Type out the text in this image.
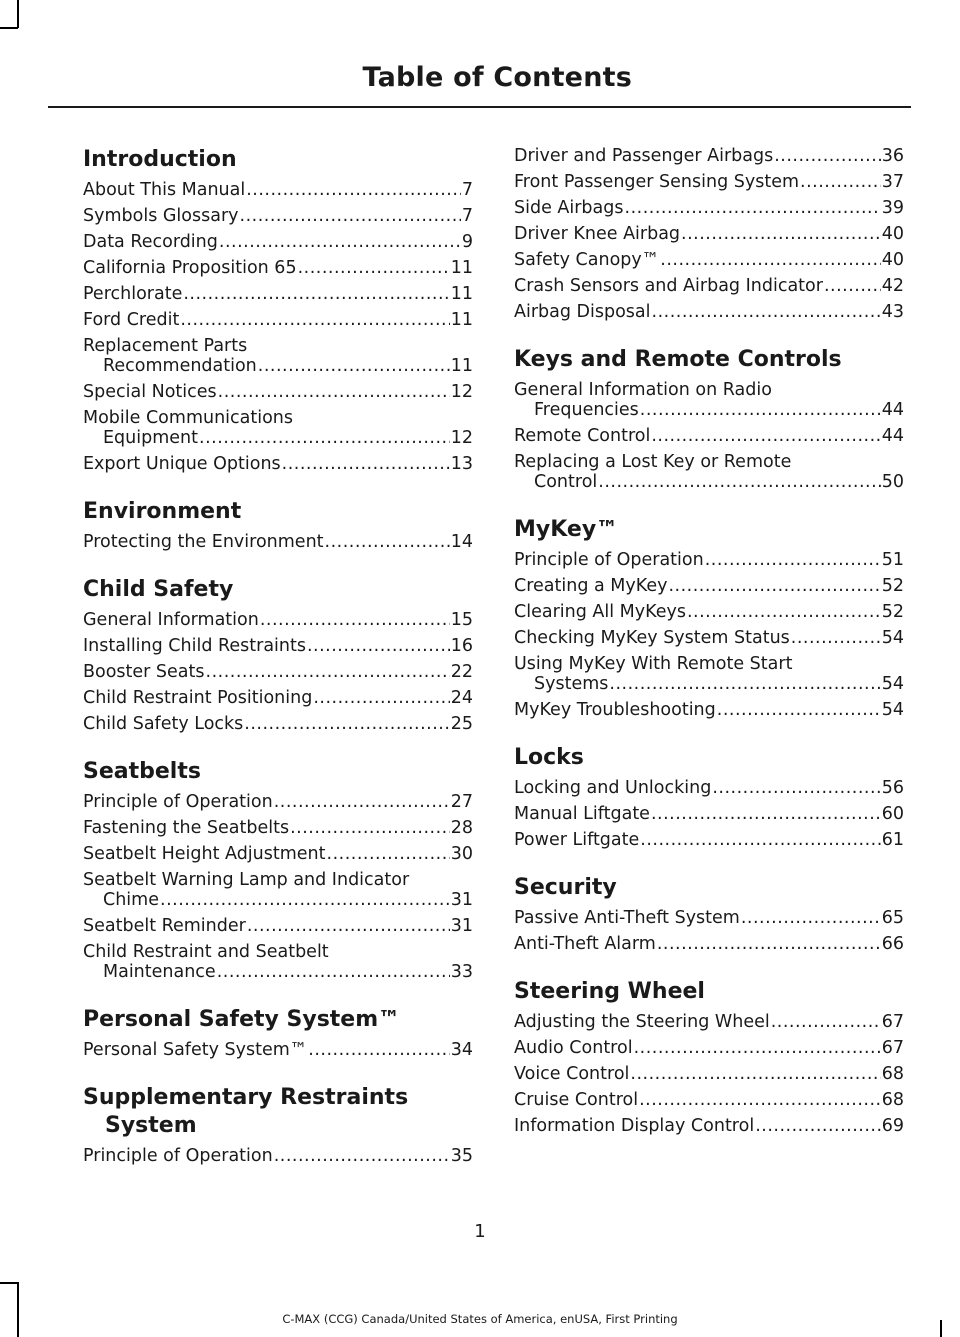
Table of Contents
Introduction
About This Manual .....	7
Symbols Glossary .....	7
Data Recording .....	9
California Proposition 65 .....	11
Perchlorate .....	11
Ford Credit .....	11
Replacement Parts
Recommendation .....	11
Special Notices .....	12
Mobile Communications
Equipment .....	12
Export Unique Options .....	13
Environment
Protecting the Environment .....	14
Child Safety
General Information .....	15
Installing Child Restraints .....	16
Booster Seats .....	22
Child Restraint Positioning .....	24
Child Safety Locks .....	25
Seatbelts
Principle of Operation .....	27
Fastening the Seatbelts .....	28
Seatbelt Height Adjustment .....	30
Seatbelt Warning Lamp and Indicator
Chime .....	31
Seatbelt Reminder .....	31
Child Restraint and Seatbelt
Maintenance .....	33
Personal Safety System™
Personal Safety System™ .....	34
Supplementary Restraints
System
Principle of Operation .....	35
Driver and Passenger Airbags .....	36
Front Passenger Sensing System .....	37
Side Airbags .....	39
Driver Knee Airbag .....	40
Safety Canopy™ .....	40
Crash Sensors and Airbag Indicator .....	42
Airbag Disposal .....	43
Keys and Remote Controls
General Information on Radio
Frequencies .....	44
Remote Control .....	44
Replacing a Lost Key or Remote
Control .....	50
MyKey™
Principle of Operation .....	51
Creating a MyKey .....	52
Clearing All MyKeys .....	52
Checking MyKey System Status .....	54
Using MyKey With Remote Start
Systems .....	54
MyKey Troubleshooting .....	54
Locks
Locking and Unlocking .....	56
Manual Liftgate .....	60
Power Liftgate .....	61
Security
Passive Anti-Theft System .....	65
Anti-Theft Alarm .....	66
Steering Wheel
Adjusting the Steering Wheel .....	67
Audio Control .....	67
Voice Control .....	68
Cruise Control .....	68
Information Display Control .....	69
1
C-MAX (CCG) Canada/United States of America, enUSA, First Printing
